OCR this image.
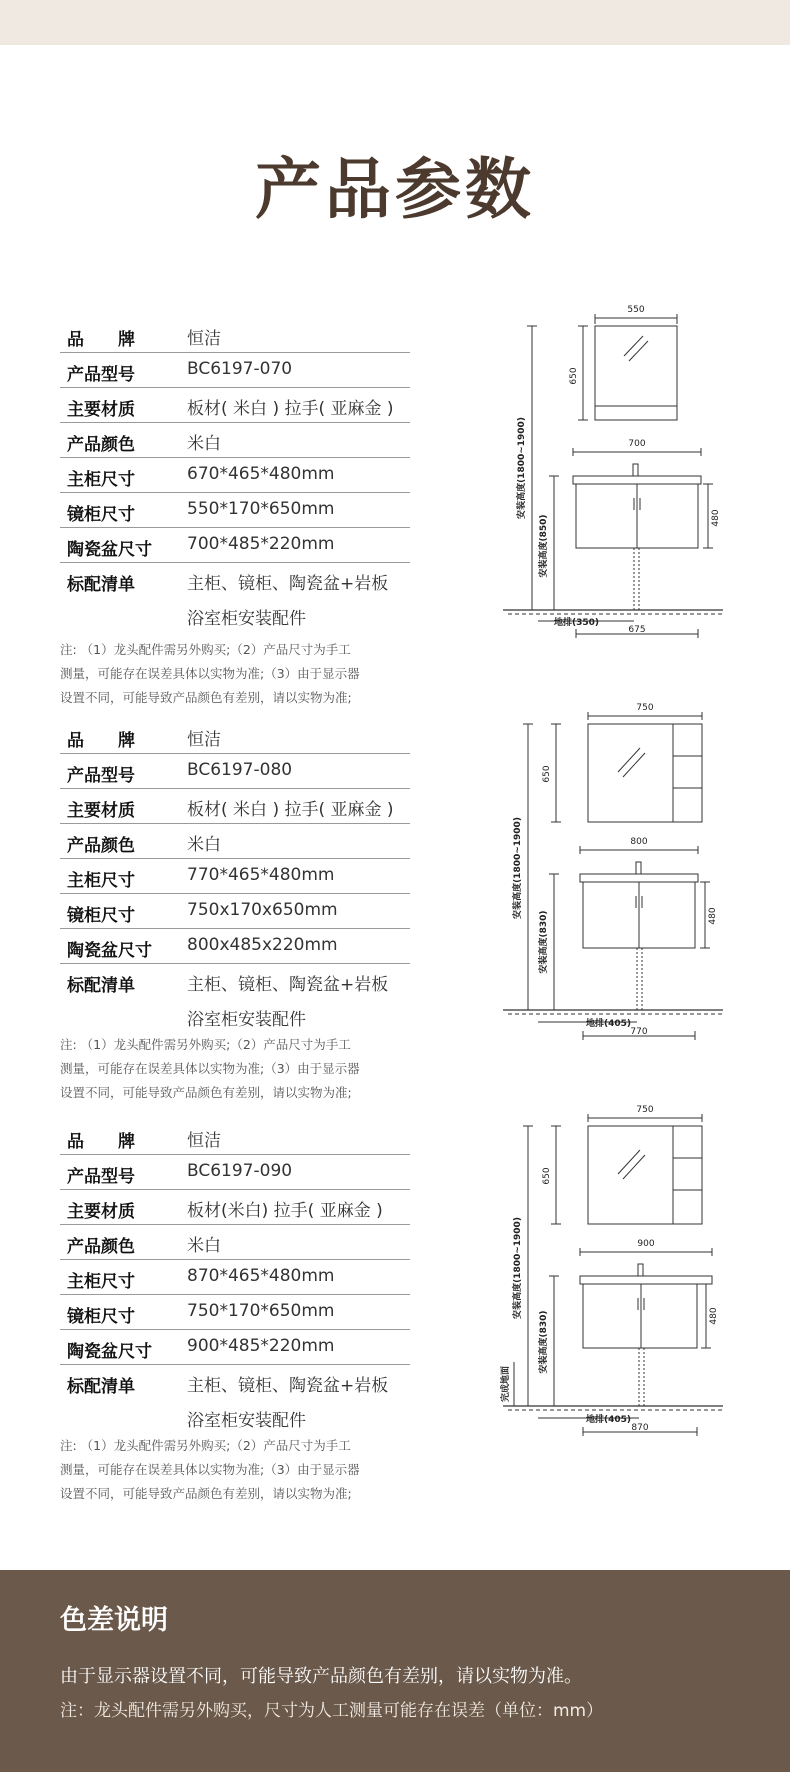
产品参数
品　　牌	恒洁
产品型号	BC6197-070
主要材质	板材( 米白 ) 拉手( 亚麻金 )
产品颜色	米白
主柜尺寸	670*465*480mm
镜柜尺寸	550*170*650mm
陶瓷盆尺寸 700*485*220mm
标配清单	主柜、镜柜、陶瓷盆+岩板
浴室柜安装配件
注: （1）龙头配件需另外购买;（2）产品尺寸为手工
测量，可能存在误差具体以实物为准;（3）由于显示器
设置不同，可能导致产品颜色有差别，请以实物为准;
550
650
700
480
安装高度(1800~1900)
安装高度(850)
地排(350)
675
品　　牌	恒洁
产品型号	BC6197-080
主要材质	板材( 米白 ) 拉手( 亚麻金 )
产品颜色	米白
主柜尺寸	770*465*480mm
镜柜尺寸	750x170x650mm
陶瓷盆尺寸 800x485x220mm
标配清单	主柜、镜柜、陶瓷盆+岩板
浴室柜安装配件
注: （1）龙头配件需另外购买;（2）产品尺寸为手工
测量，可能存在误差具体以实物为准;（3）由于显示器
设置不同，可能导致产品颜色有差别，请以实物为准;
750
650
800
480
安装高度(1800~1900)
安装高度(830)
地排(405)
770
品　　牌	恒洁
产品型号	BC6197-090
主要材质	板材(米白) 拉手( 亚麻金 )
产品颜色	米白
主柜尺寸	870*465*480mm
镜柜尺寸	750*170*650mm
陶瓷盆尺寸 900*485*220mm
标配清单	主柜、镜柜、陶瓷盆+岩板
浴室柜安装配件
注: （1）龙头配件需另外购买;（2）产品尺寸为手工
测量，可能存在误差具体以实物为准;（3）由于显示器
设置不同，可能导致产品颜色有差别，请以实物为准;
750
650
900
480
安装高度(1800~1900)
安装高度(830)
完成地面
地排(405)
870
色差说明
由于显示器设置不同，可能导致产品颜色有差别，请以实物为准。
注：龙头配件需另外购买，尺寸为人工测量可能存在误差（单位：mm）
